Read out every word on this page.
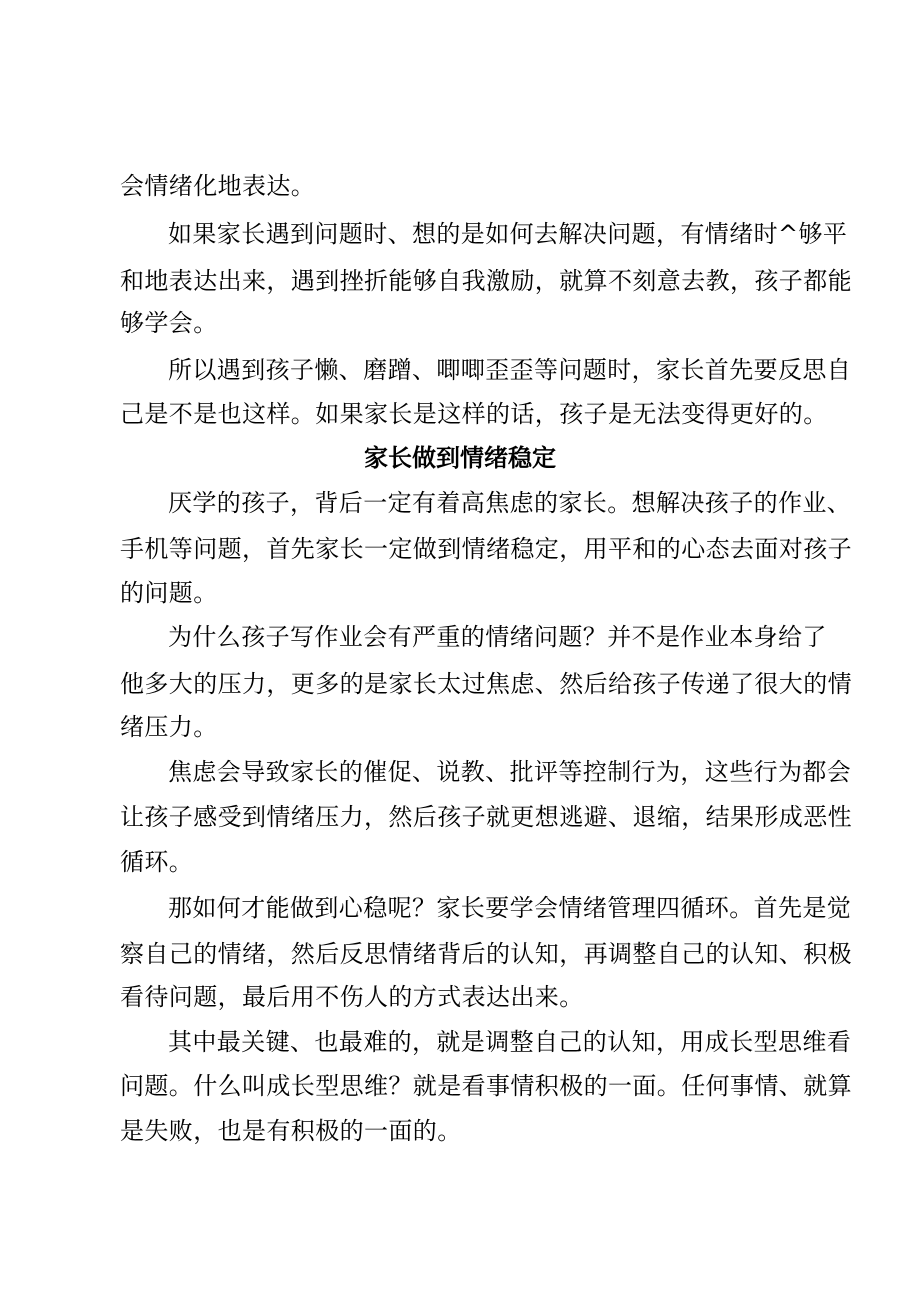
会情绪化地表达。
如果家长遇到问题时、想的是如何去解决问题，有情绪时^够平
和地表达出来，遇到挫折能够自我激励，就算不刻意去教，孩子都能
够学会。
所以遇到孩子懒、磨蹭、唧唧歪歪等问题时，家长首先要反思自
己是不是也这样。如果家长是这样的话，孩子是无法变得更好的。
家长做到情绪稳定
厌学的孩子，背后一定有着高焦虑的家长。想解决孩子的作业、
手机等问题，首先家长一定做到情绪稳定，用平和的心态去面对孩子
的问题。
为什么孩子写作业会有严重的情绪问题？并不是作业本身给了
他多大的压力，更多的是家长太过焦虑、然后给孩子传递了很大的情
绪压力。
焦虑会导致家长的催促、说教、批评等控制行为，这些行为都会
让孩子感受到情绪压力，然后孩子就更想逃避、退缩，结果形成恶性
循环。
那如何才能做到心稳呢？家长要学会情绪管理四循环。首先是觉
察自己的情绪，然后反思情绪背后的认知，再调整自己的认知、积极
看待问题，最后用不伤人的方式表达出来。
其中最关键、也最难的，就是调整自己的认知，用成长型思维看
问题。什么叫成长型思维？就是看事情积极的一面。任何事情、就算
是失败，也是有积极的一面的。
